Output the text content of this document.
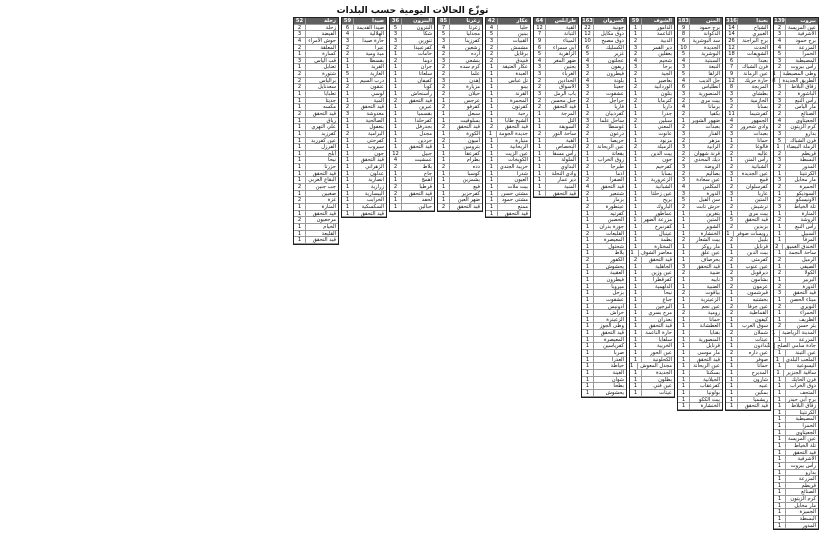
توزّع الحالات اليومية حسب البلدات
بيروت
139
عين المريسة
2
الأشرفية
3
برج حمود
4
المزرعة
4
الحمرا
5
المصيطبة
3
رأس بيروت
2
وطى المصيطبة
1
الطريق الجديدة
8
زقاق البلاط
3
الباشورة
2
رأس النبع
3
مار الياس
2
الصنائع
2
الجعيتاوي
4
كرم الزيتون
2
بدارو
3
فرن الشباك
5
الرملة البيضاء
1
قريطم
2
البسطة
3
المدور
2
الكرنتينا
1
مار مخايل
3
الجميزة
2
السوديكو
1
الأونيسكو
2
تلة الخياط
3
المنارة
1
الروشة
2
رأس النبع
1
السبيل
1
المرفأ
1
الخندق الغميق
2
ساحة النجمة
1
الرميل
2
الصيفي
1
الكولا
2
البربير
1
الدورة
2
قيد التحقق
3
ميناء الحصن
1
النويري
2
الحمراء
1
الظريف
1
بئر حسن
2
المدينة الرياضية
1
المزرعة
1
جادة سامي الصلح
1
عين التينة
1
الملعب البلدي
1
اليسوعية
1
ساقية الجنزير
1
فرن الحايك
1
ذوق الخراب
1
المتحف
1
برج أبي حيدر
1
زقاق البلاط
1
الكرنتينا
1
المصيطبة
1
الحمرا
1
الجعيتاوي
1
عين المريسة
1
تلة الخياط
1
قيد التحقق
1
الأشرفية
1
رأس بيروت
1
بدارو
1
المزرعة
1
قريطم
1
الصنائع
1
كرم الزيتون
1
مار مخايل
1
الجميزة
1
البسطة
1
المدور
1
بعبدا
316
الشياح
14
الغبيري
14
برج البراجنة
26
الحدث
12
الشويفات
18
بعبدا
6
فرن الشباك
7
عين الرمانة
9
حارة حريك
12
المريجة
8
بطشاي
3
الحازمية
5
بسابا
2
كفرشيما
11
الجمهور
4
وادي شحرور
2
بعبدات
3
حمانا
1
فالوغا
2
عاليه
2
رأس المتن
1
الشبانية
2
عين الجديدة
3
قبيع
1
كفرسلوان
2
عاريا
3
المتين
1
ترشيش
2
بيت مري
1
قيد التحقق
5
بزبدين
2
رويسات صوفر
1
بليبل
2
قرنايل
1
بيت الدين
1
كفرمتى
2
عين عنوب
1
ديرقوبل
2
بشامون
3
عرمون
2
قبرشمون
1
بخشتيه
1
عين جرفا
2
القماطية
2
كيفون
1
سوق الغرب
1
شملان
2
عيتات
1
بدادون
1
عين داره
2
صوفر
1
حمانا
1
المديرج
1
شارون
1
عبيه
1
بمكين
1
ريشميا
1
قيد التحقق
1
المتن
183
برج حمود
9
الدكوانة
8
سد البوشرية
6
الجديدة
10
البوشرية
5
السبتية
4
النبعة
3
الزلقا
5
جل الديب
4
انطلياس
6
المنصورية
3
بيت مري
2
برمانا
4
بكفيا
2
ضهور الشوير
1
بعبدات
2
الفنار
3
مزهر
2
الرابية
3
قرنة شهوان
2
ديك المحدي
2
الروضة
3
بصاليم
2
عين سعادة
3
المكلس
4
الدورة
3
سن الفيل
5
حرش تابت
2
بتغرين
1
المتين
1
الشوير
1
الخنشارة
1
بيت الشعار
2
مار روكز
1
عين علق
1
بحرصاف
1
قيد التحقق
3
ضبية
2
نابيه
1
الضبية
1
بياقوت
2
الزعيترية
1
عين نجم
1
رومية
2
حمانا
1
العطشانة
1
بقنايا
1
المنصورية
1
قرنايل
1
مار موسى
1
قيد التحقق
1
عين الريحانة
1
بسكنتا
1
الحيلانية
1
كفرعقاب
1
بولونيا
1
بيت الككو
1
الخنشارة
1
الشوف
59
الدامور
1
الناعمة
1
الدبية
2
دير القمر
3
بعقلين
2
شحيم
4
برجا
3
الجية
2
بعاصير
1
الوردانية
2
بتلون
1
كترمايا
2
داريا
1
جدرا
1
سبلين
2
المعني
1
عانوت
1
مزبود
1
الرميلة
2
بيت الدين
1
جون
1
كفرحيم
1
بسابا
1
الزعرورية
1
الشبانية
1
عين زحلتا
1
بريح
1
الباروك
1
عماطور
1
مزرعة الضهر
1
كفرنبرخ
1
عينبال
1
بطمة
1
المختارة
1
معاصر الشوف
1
قيد التحقق
2
الجاهلية
1
عين وزين
1
كفرقطرا
1
الدلهمية
1
نيحا
1
جباع
1
البرجين
1
مرج بسري
1
بعذران
1
قيد التحقق
1
حارة الناعمة
1
سلفايا
1
الخريبة
1
عين الحور
1
الكحلونية
1
مجدل المعوش
1
الجديدة
1
بطلون
1
عين قني
1
عيتات
1
كسروان
163
جونية
22
ذوق مكايل
12
ذوق مصبح
10
الكسليك
6
غزير
5
عجلتون
4
ريفون
3
فيطرون
2
بلونة
4
جعيتا
3
عشقوت
2
حراجل
2
فاريا
1
كفرذبيان
2
ساحل علما
3
غوسطا
2
درعون
2
حريصا
1
عين الريحانة
2
بقعاتة
1
زوق الخراب
1
طبرجا
2
ادما
1
الصفرا
2
قيد التحقق
4
شننعير
2
بزمار
1
عينطورة
2
كفرتيه
1
الحصين
1
جورة بدران
1
القليعات
2
المعيصرة
1
شحتول
1
بلاط
1
الكفور
2
يحشوش
1
العقيبة
1
فيطرون
1
ميروبا
1
بزحل
1
عشقوت
1
ادونيس
1
حراش
1
الزعيترة
1
وطى الجوز
1
قيد التحقق
1
المعيصرة
1
كفرياسين
1
صربا
1
العذرا
1
حياطة
1
الغينة
1
شوان
1
بطحا
1
يحشوش
1
طرابلس
64
القبة
12
التبانة
7
الميناء
9
أبي سمراء
6
الزاهرية
5
ضهر المغر
4
بحنين
3
الغرباء
3
الحدادين
2
الأسواق
2
باب الرمل
3
جبل محسن
2
قيد التحقق
2
المرجة
1
التل
1
السويقة
1
ساحة النور
2
القبة
1
البحصاص
1
رأس مسقا
1
الملولة
1
البداوي
1
وادي النحلة
1
دير عمار
1
المنية
1
قيد التحقق
1
عكار
42
حلبا
4
ببنين
5
القبيات
3
مشمش
2
برقايل
2
فنيدق
2
عكار العتيقة
1
العبدة
1
تل عباس
1
بينو
1
القرنة
1
المحمرة
1
كفرتون
1
رحبة
1
الشيخ طابا
1
قيد التحقق
2
جديدة الجومة
1
منيارة
1
الريحانية
1
عين الزيت
1
الكويخات
1
خريبة الجندي
1
شدرا
1
العيون
1
بيت ملات
1
مشتى حسن
1
مشتى حمود
1
ممنع
1
قيد التحقق
1
زغرتا
85
زغرتا
7
مجدليا
5
كفرزينا
3
رشعين
4
أرده
2
بنشعي
3
كرم سده
2
علما
2
إهدن
3
مزيارة
2
حيلان
2
عرجس
1
كفرفو
2
سبعل
1
بسلوقيت
1
قيد التحقق
2
الكورة
1
أميون
2
بترومين
1
كفرعقا
1
بطرام
1
دده
2
كوسبا
1
بشمزين
1
فيع
1
كفرحزير
1
ضهر العين
1
قيد التحقق
2
البترون
36
البترون
5
شكا
3
تنورين
3
كفرعبيدا
2
حامات
1
دوما
2
جران
1
سلعاتا
1
كفيفان
1
كوبا
1
رأسنحاش
1
قيد التحقق
2
عبرين
1
بقسميا
1
كفرحلدا
1
بجدرفل
1
مجدل
1
حردين
1
قيد التحقق
1
جبيل
12
عمشيت
4
بلاط
2
جاج
1
اهمج
1
قرطبا
2
قيد التحقق
2
لحفد
1
حبالين
1
صيدا
59
صيدا القديمة
6
الهلالية
4
حارة صيدا
3
عبرا
2
مية ومية
2
بقسطا
1
القرية
1
الغازية
5
درب السيم
1
عنقون
2
لوسي
1
المية
1
قيد التحقق
2
مغدوشة
3
الصالحية
1
بنعفول
1
البرامية
2
كفرحتى
1
سيروب
1
جون
1
قيد التحقق
1
الزهراني
1
عدلون
1
انصارية
1
زرارية
1
البيسارية
1
الخرايب
1
السكسكية
1
قيد التحقق
1
زحلة
52
زحلة
2
الفيضة
3
حوش الأمراء
4
المعلقة
2
كسارة
1
قب الياس
3
تعنايل
1
شتورة
2
برالياس
2
سعدنايل
2
تعلبايا
1
جديتا
1
مكسه
1
قيد التحقق
2
رياق
1
علي النهري
1
كفرزبد
1
عين كفرزبد
1
الفرزل
1
أبلح
1
نيحا
1
حزرتا
1
قيد التحقق
1
البقاع الغربي
1
جب جنين
2
صغبين
1
غزة
2
المنارة
1
قيد التحقق
1
مرجعيون
2
الخيام
1
القليعة
1
قيد التحقق
1
